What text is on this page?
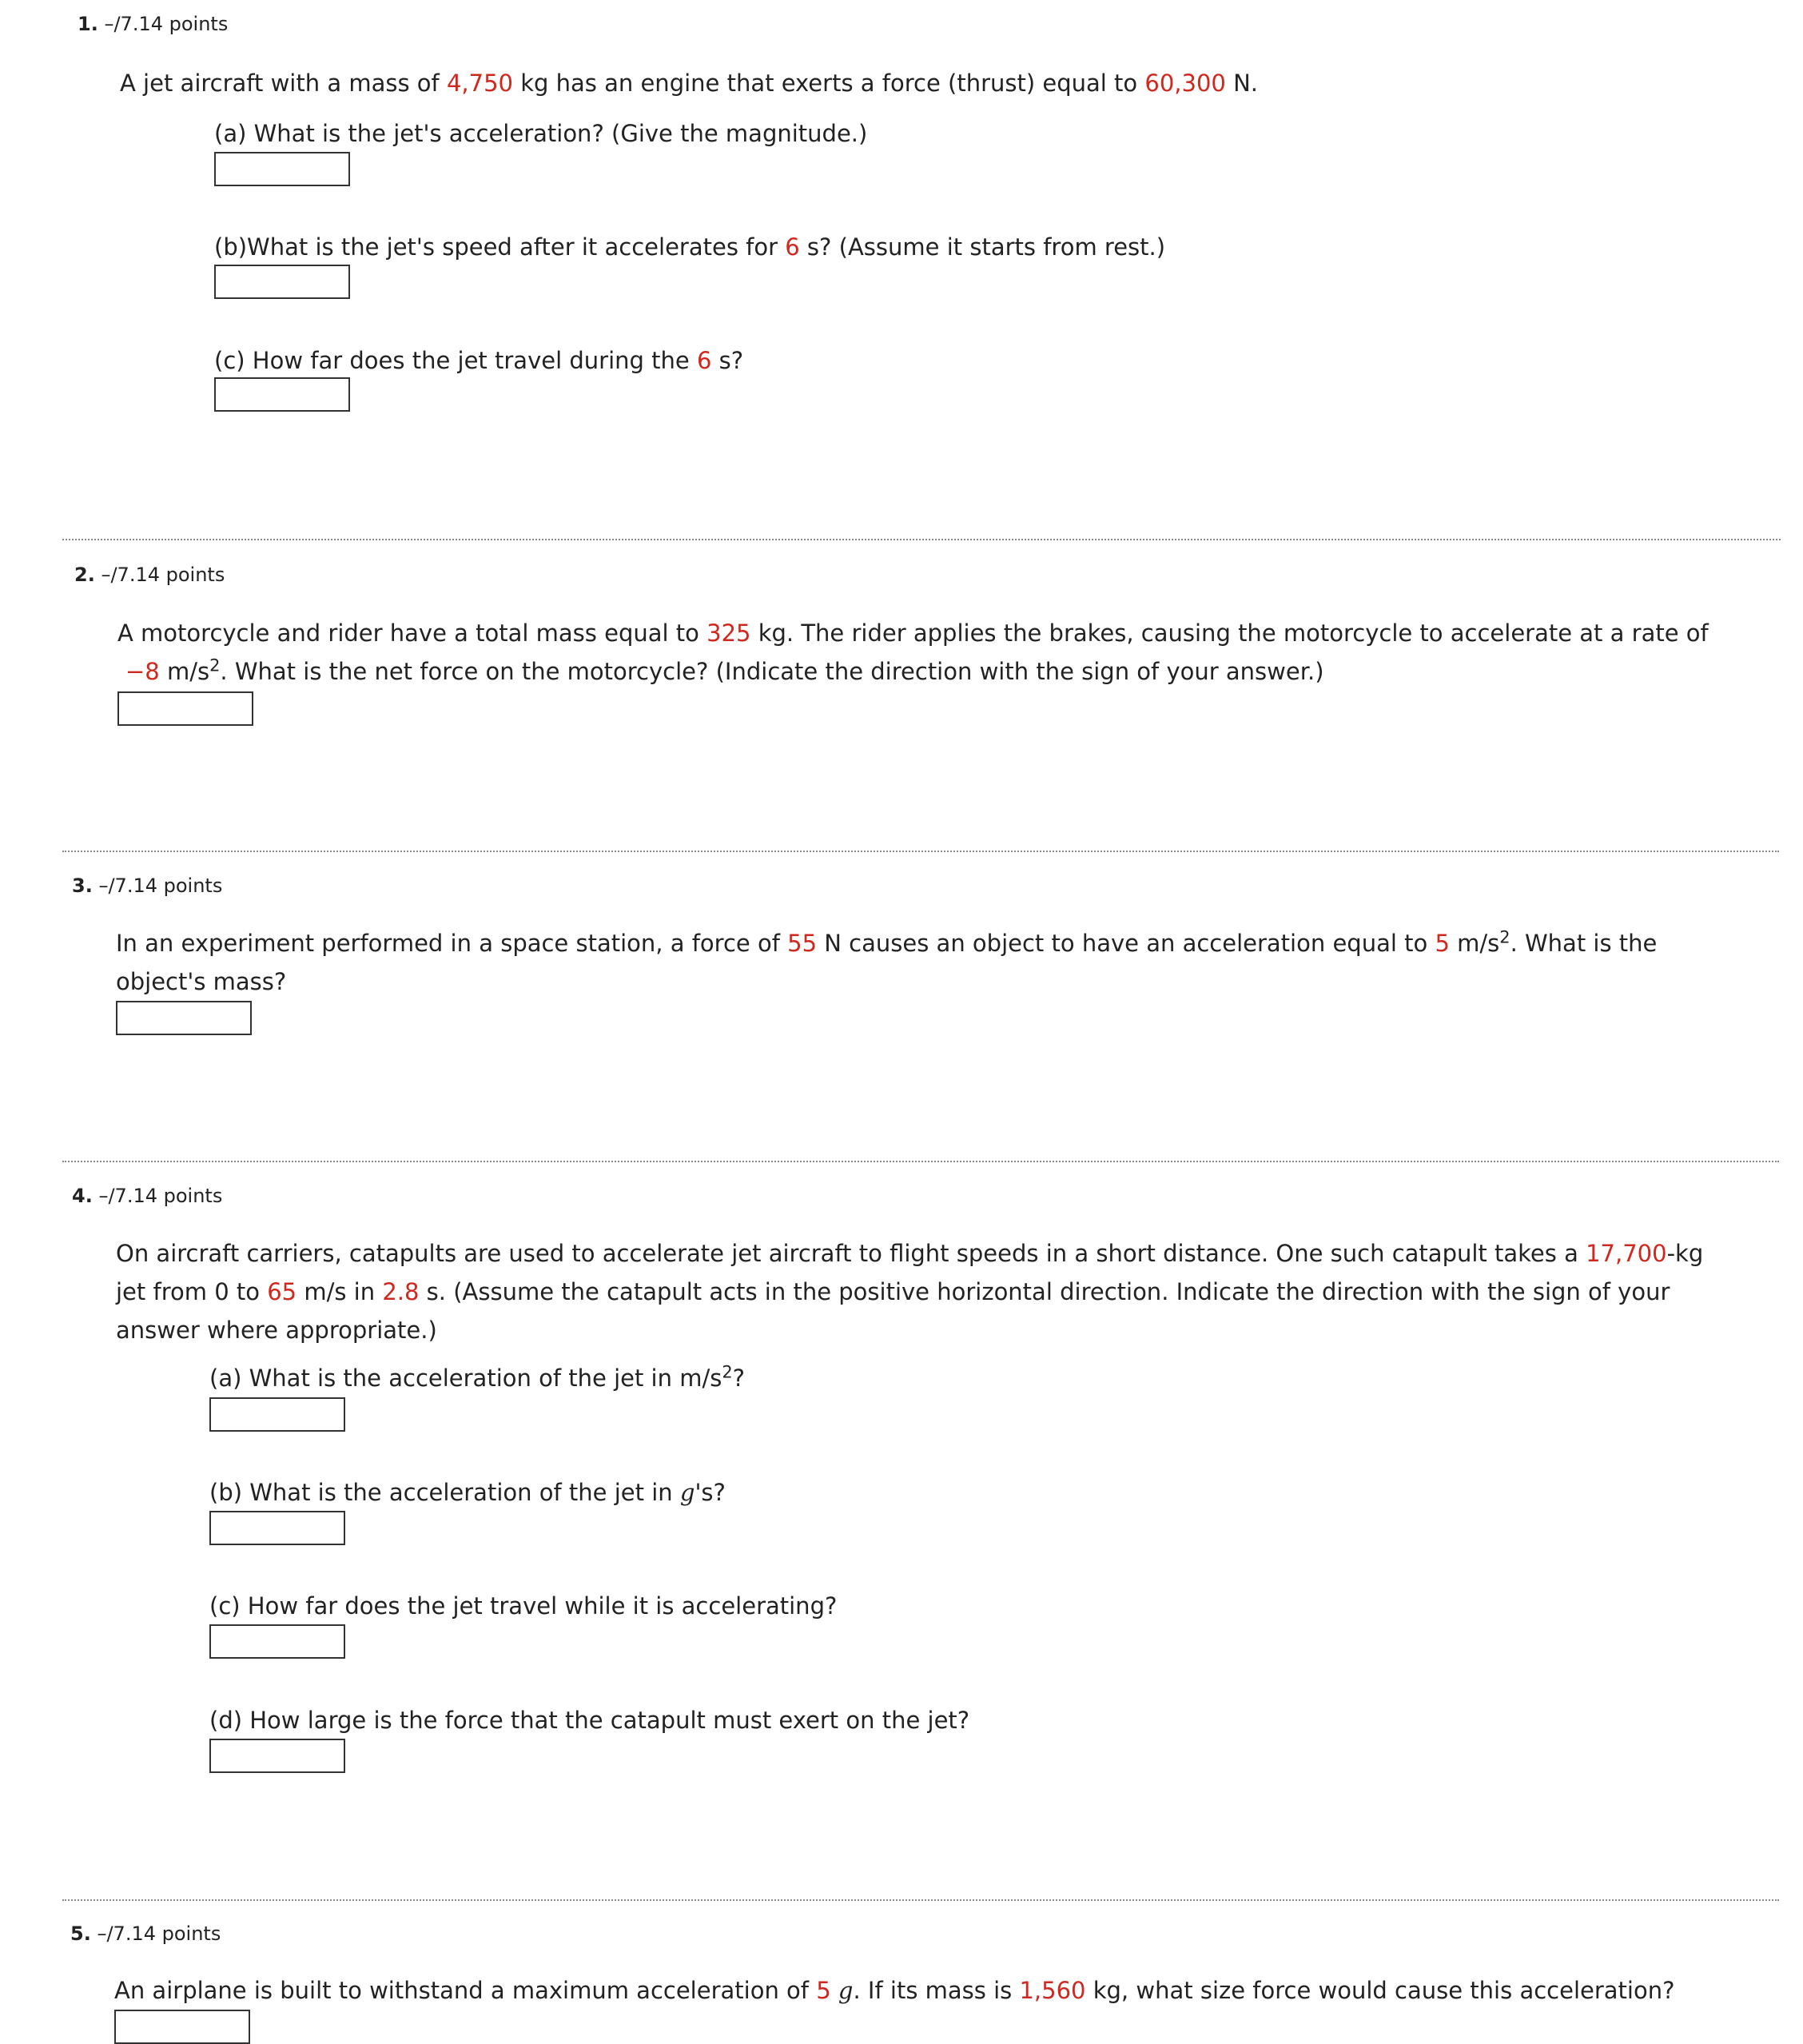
1. –/7.14 points

A jet aircraft with a mass of 4,750 kg has an engine that exerts a force (thrust) equal to 60,300 N.

(a) What is the jet's acceleration? (Give the magnitude.)

(b)What is the jet's speed after it accelerates for 6 s? (Assume it starts from rest.)

(c) How far does the jet travel during the 6 s?

2. –/7.14 points

A motorcycle and rider have a total mass equal to 325 kg. The rider applies the brakes, causing the motorcycle to accelerate at a rate of

−8 $m/s^2$. What is the net force on the motorcycle? (Indicate the direction with the sign of your answer.)

3. –/7.14 points

In an experiment performed in a space station, a force of 55 N causes an object to have an acceleration equal to 5 $m/s^2$. What is the

object's mass?

4. –/7.14 points

On aircraft carriers, catapults are used to accelerate jet aircraft to flight speeds in a short distance. One such catapult takes a 17,700-kg

jet from 0 to 65 m/s in 2.8 s. (Assume the catapult acts in the positive horizontal direction. Indicate the direction with the sign of your

answer where appropriate.)

(a) What is the acceleration of the jet in $m/s^2$?

(b) What is the acceleration of the jet in g's?

(c) How far does the jet travel while it is accelerating?

(d) How large is the force that the catapult must exert on the jet?

5. –/7.14 points

An airplane is built to withstand a maximum acceleration of 5 g. If its mass is 1,560 kg, what size force would cause this acceleration?
